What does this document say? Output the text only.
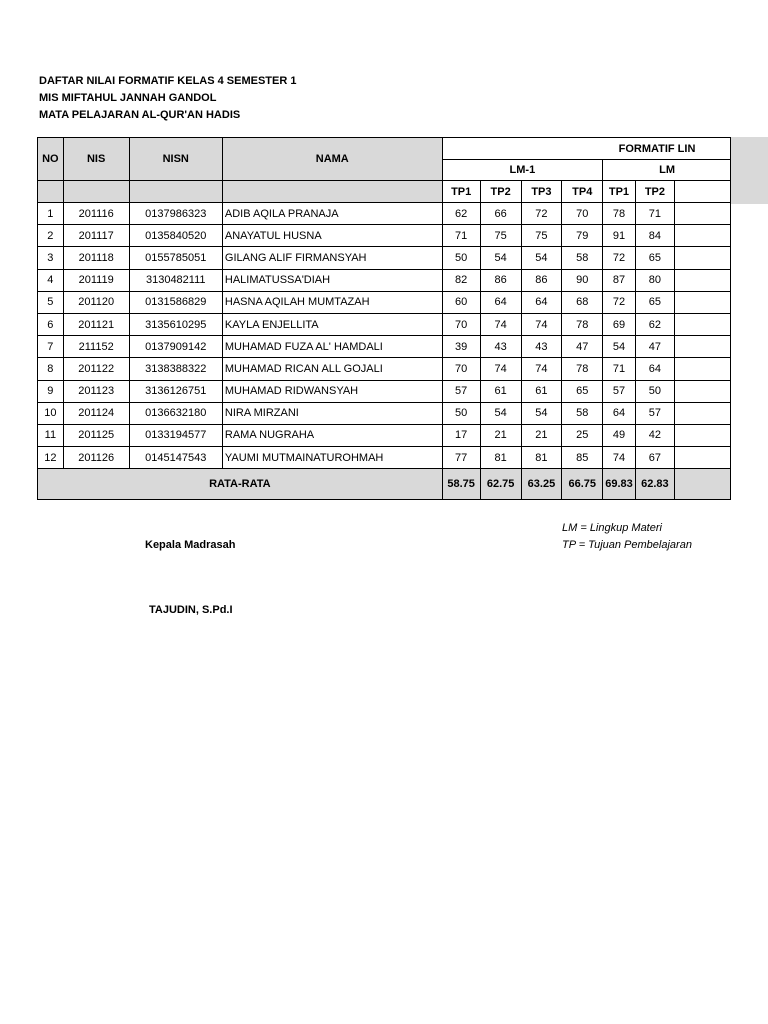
DAFTAR NILAI FORMATIF KELAS 4 SEMESTER 1
MIS MIFTAHUL JANNAH GANDOL
MATA PELAJARAN AL-QUR'AN HADIS
NO	NIS	NISN	NAMA	FORMATIF LIN						
				LM-1				LM		
				TP1	TP2	TP3	TP4	TP1	TP2	
1	201116	0137986323	ADIB AQILA PRANAJA	62	66	72	70	78	71	
2	201117	0135840520	ANAYATUL HUSNA	71	75	75	79	91	84	
3	201118	0155785051	GILANG ALIF FIRMANSYAH	50	54	54	58	72	65	
4	201119	3130482111	HALIMATUSSA'DIAH	82	86	86	90	87	80	
5	201120	0131586829	HASNA AQILAH MUMTAZAH	60	64	64	68	72	65	
6	201121	3135610295	KAYLA ENJELLITA	70	74	74	78	69	62	
7	211152	0137909142	MUHAMAD FUZA AL' HAMDALI	39	43	43	47	54	47	
8	201122	3138388322	MUHAMAD RICAN ALL GOJALI	70	74	74	78	71	64	
9	201123	3136126751	MUHAMAD RIDWANSYAH	57	61	61	65	57	50	
10	201124	0136632180	NIRA MIRZANI	50	54	54	58	64	57	
11	201125	0133194577	RAMA NUGRAHA	17	21	21	25	49	42	
12	201126	0145147543	YAUMI MUTMAINATUROHMAH	77	81	81	85	74	67	
RATA-RATA				58.75	62.75	63.25	66.75	69.83	62.83	
LM = Lingkup Materi
TP = Tujuan Pembelajaran
Kepala Madrasah
TAJUDIN, S.Pd.I
